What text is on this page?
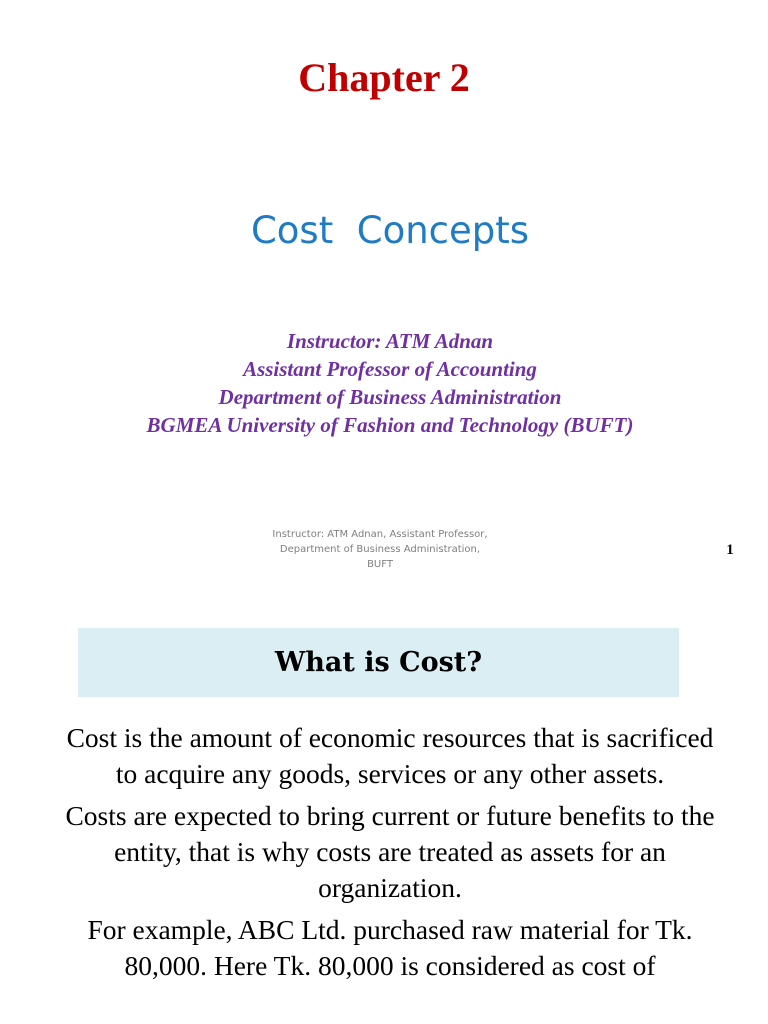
Chapter 2
Cost  Concepts
Instructor: ATM Adnan
Assistant Professor of Accounting
Department of Business Administration
BGMEA University of Fashion and Technology (BUFT)
Instructor: ATM Adnan, Assistant Professor,
Department of Business Administration,
BUFT
1
What is Cost?

Cost is the amount of economic resources that is sacrificed to acquire any goods, services or any other assets.

Costs are expected to bring current or future benefits to the entity, that is why costs are treated as assets for an organization.

For example, ABC Ltd. purchased raw material for Tk. 80,000. Here Tk. 80,000 is considered as cost of
